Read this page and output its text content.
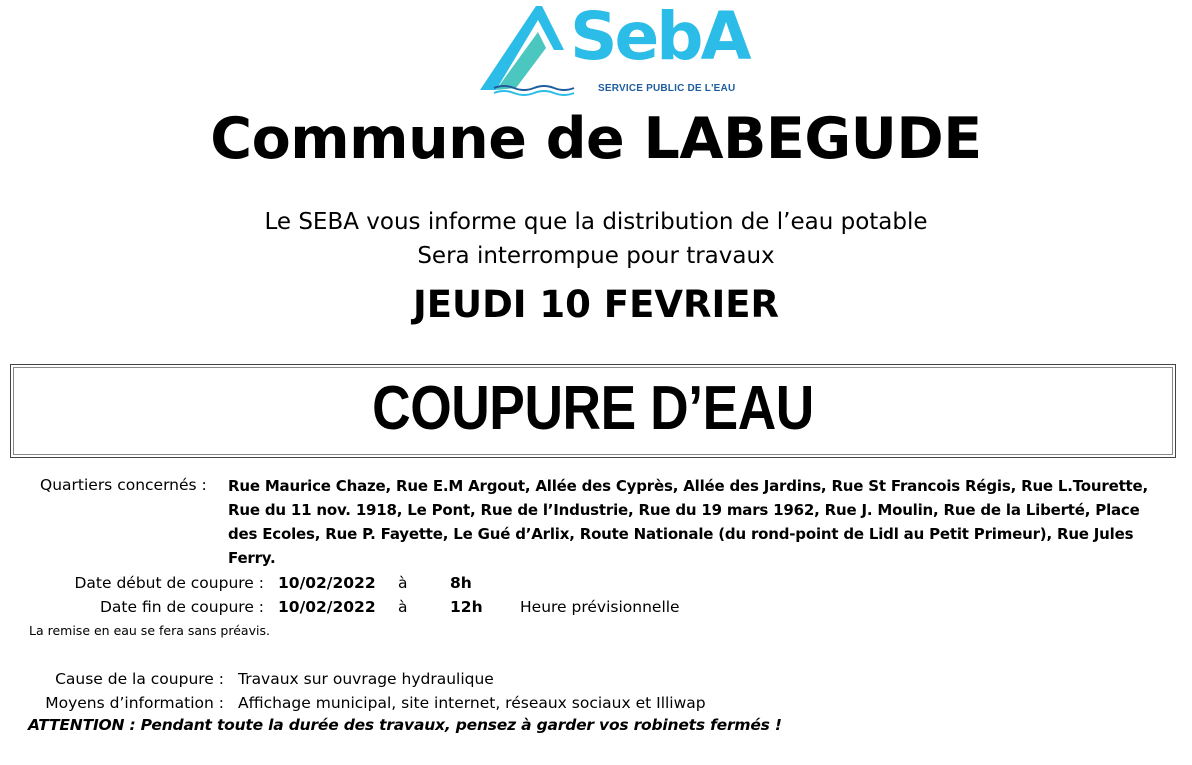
SebA
SERVICE PUBLIC DE L'EAU
Commune de LABEGUDE
Le SEBA vous informe que la distribution de l’eau potable
Sera interrompue pour travaux
JEUDI 10 FEVRIER
COUPURE D’EAU
Quartiers concernés : Rue Maurice Chaze, Rue E.M Argout, Allée des Cyprès, Allée des Jardins, Rue St Francois Régis, Rue L.Tourette, Rue du 11 nov. 1918, Le Pont, Rue de l’Industrie, Rue du 19 mars 1962, Rue J. Moulin, Rue de la Liberté, Place des Ecoles, Rue P. Fayette, Le Gué d’Arlix, Route Nationale (du rond-point de Lidl au Petit Primeur), Rue Jules Ferry.
Date début de coupure : 10/02/2022 à	8h
Date fin de coupure : 10/02/2022 à	12h Heure prévisionnelle
La remise en eau se fera sans préavis.
Cause de la coupure : Travaux sur ouvrage hydraulique
Moyens d’information : Affichage municipal, site internet, réseaux sociaux et Illiwap
ATTENTION : Pendant toute la durée des travaux, pensez à garder vos robinets fermés !
